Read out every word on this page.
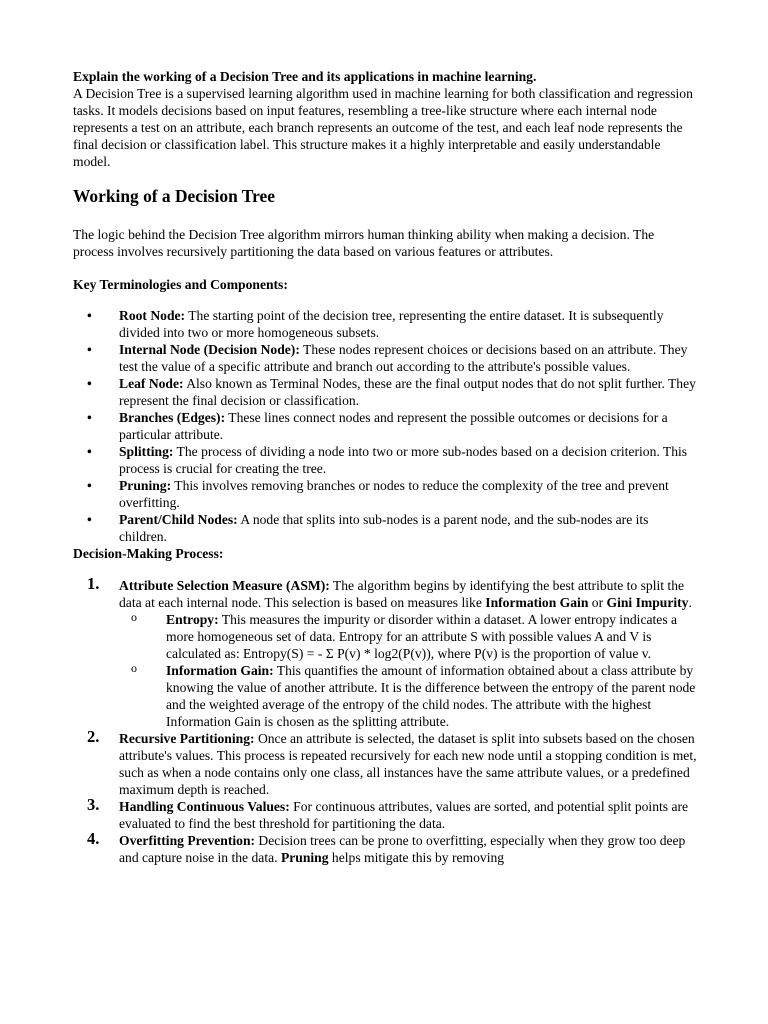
Explain the working of a Decision Tree and its applications in machine learning.

A Decision Tree is a supervised learning algorithm used in machine learning for both classification and regression tasks. It models decisions based on input features, resembling a tree-like structure where each internal node represents a test on an attribute, each branch represents an outcome of the test, and each leaf node represents the final decision or classification label. This structure makes it a highly interpretable and easily understandable model.

Working of a Decision Tree

The logic behind the Decision Tree algorithm mirrors human thinking ability when making a decision. The process involves recursively partitioning the data based on various features or attributes.

Key Terminologies and Components:

• Root Node: The starting point of the decision tree, representing the entire dataset. It is subsequently divided into two or more homogeneous subsets.
• Internal Node (Decision Node): These nodes represent choices or decisions based on an attribute. They test the value of a specific attribute and branch out according to the attribute's possible values.
• Leaf Node: Also known as Terminal Nodes, these are the final output nodes that do not split further. They represent the final decision or classification.
• Branches (Edges): These lines connect nodes and represent the possible outcomes or decisions for a particular attribute.
• Splitting: The process of dividing a node into two or more sub-nodes based on a decision criterion. This process is crucial for creating the tree.
• Pruning: This involves removing branches or nodes to reduce the complexity of the tree and prevent overfitting.
• Parent/Child Nodes: A node that splits into sub-nodes is a parent node, and the sub-nodes are its children.

Decision-Making Process:

1. Attribute Selection Measure (ASM): The algorithm begins by identifying the best attribute to split the data at each internal node. This selection is based on measures like Information Gain or Gini Impurity.
o Entropy: This measures the impurity or disorder within a dataset. A lower entropy indicates a more homogeneous set of data. Entropy for an attribute S with possible values A and V is calculated as: Entropy(S) = - Σ P(v) * log2(P(v)), where P(v) is the proportion of value v.
o Information Gain: This quantifies the amount of information obtained about a class attribute by knowing the value of another attribute. It is the difference between the entropy of the parent node and the weighted average of the entropy of the child nodes. The attribute with the highest Information Gain is chosen as the splitting attribute.
2. Recursive Partitioning: Once an attribute is selected, the dataset is split into subsets based on the chosen attribute's values. This process is repeated recursively for each new node until a stopping condition is met, such as when a node contains only one class, all instances have the same attribute values, or a predefined maximum depth is reached.
3. Handling Continuous Values: For continuous attributes, values are sorted, and potential split points are evaluated to find the best threshold for partitioning the data.
4. Overfitting Prevention: Decision trees can be prone to overfitting, especially when they grow too deep and capture noise in the data. Pruning helps mitigate this by removing
